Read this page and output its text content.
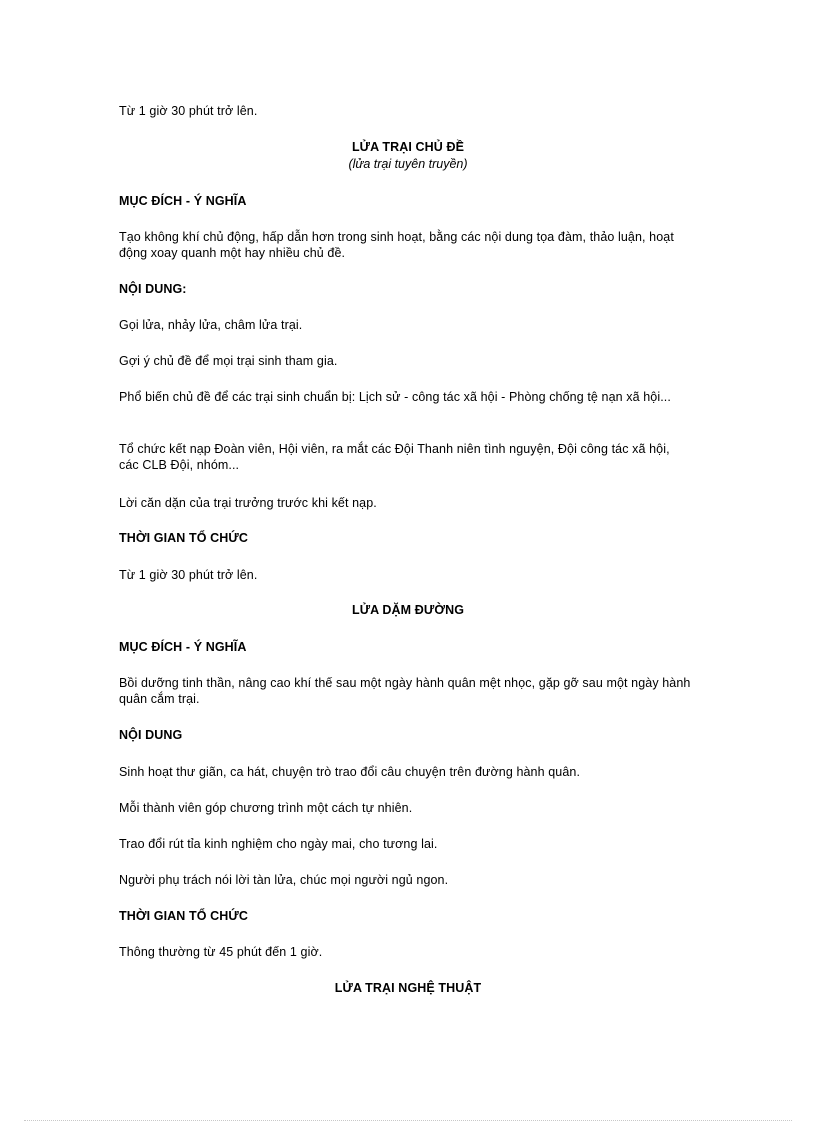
Từ 1 giờ 30 phút trở lên.

LỬA TRẠI CHỦ ĐỀ

(lửa trại tuyên truyền)

MỤC ĐÍCH - Ý NGHĨA

Tạo không khí chủ động, hấp dẫn hơn trong sinh hoạt, bằng các nội dung tọa đàm, thảo luận, hoạt động xoay quanh một hay nhiều chủ đề.

NỘI DUNG:

Gọi lửa, nhảy lửa, châm lửa trại.

Gợi ý chủ đề để mọi trại sinh tham gia.

Phổ biến chủ đề để các trại sinh chuẩn bị: Lịch sử - công tác xã hội - Phòng chống tệ nạn xã hội...

Tổ chức kết nạp Đoàn viên, Hội viên, ra mắt các Đội Thanh niên tình nguyện, Đội công tác xã hội, các CLB Đội, nhóm...

Lời căn dặn của trại trưởng trước khi kết nạp.

THỜI GIAN TỔ CHỨC

Từ 1 giờ 30 phút trở lên.

LỬA DẶM ĐƯỜNG

MỤC ĐÍCH - Ý NGHĨA

Bồi dưỡng tinh thần, nâng cao khí thế sau một ngày hành quân mệt nhọc, gặp gỡ sau một ngày hành quân cắm trại.

NỘI DUNG

Sinh hoạt thư giãn, ca hát, chuyện trò trao đổi câu chuyện trên đường hành quân.

Mỗi thành viên góp chương trình một cách tự nhiên.

Trao đổi rút tỉa kinh nghiệm cho ngày mai, cho tương lai.

Người phụ trách nói lời tàn lửa, chúc mọi người ngủ ngon.

THỜI GIAN TỔ CHỨC

Thông thường từ 45 phút đến 1 giờ.

LỬA TRẠI NGHỆ THUẬT
